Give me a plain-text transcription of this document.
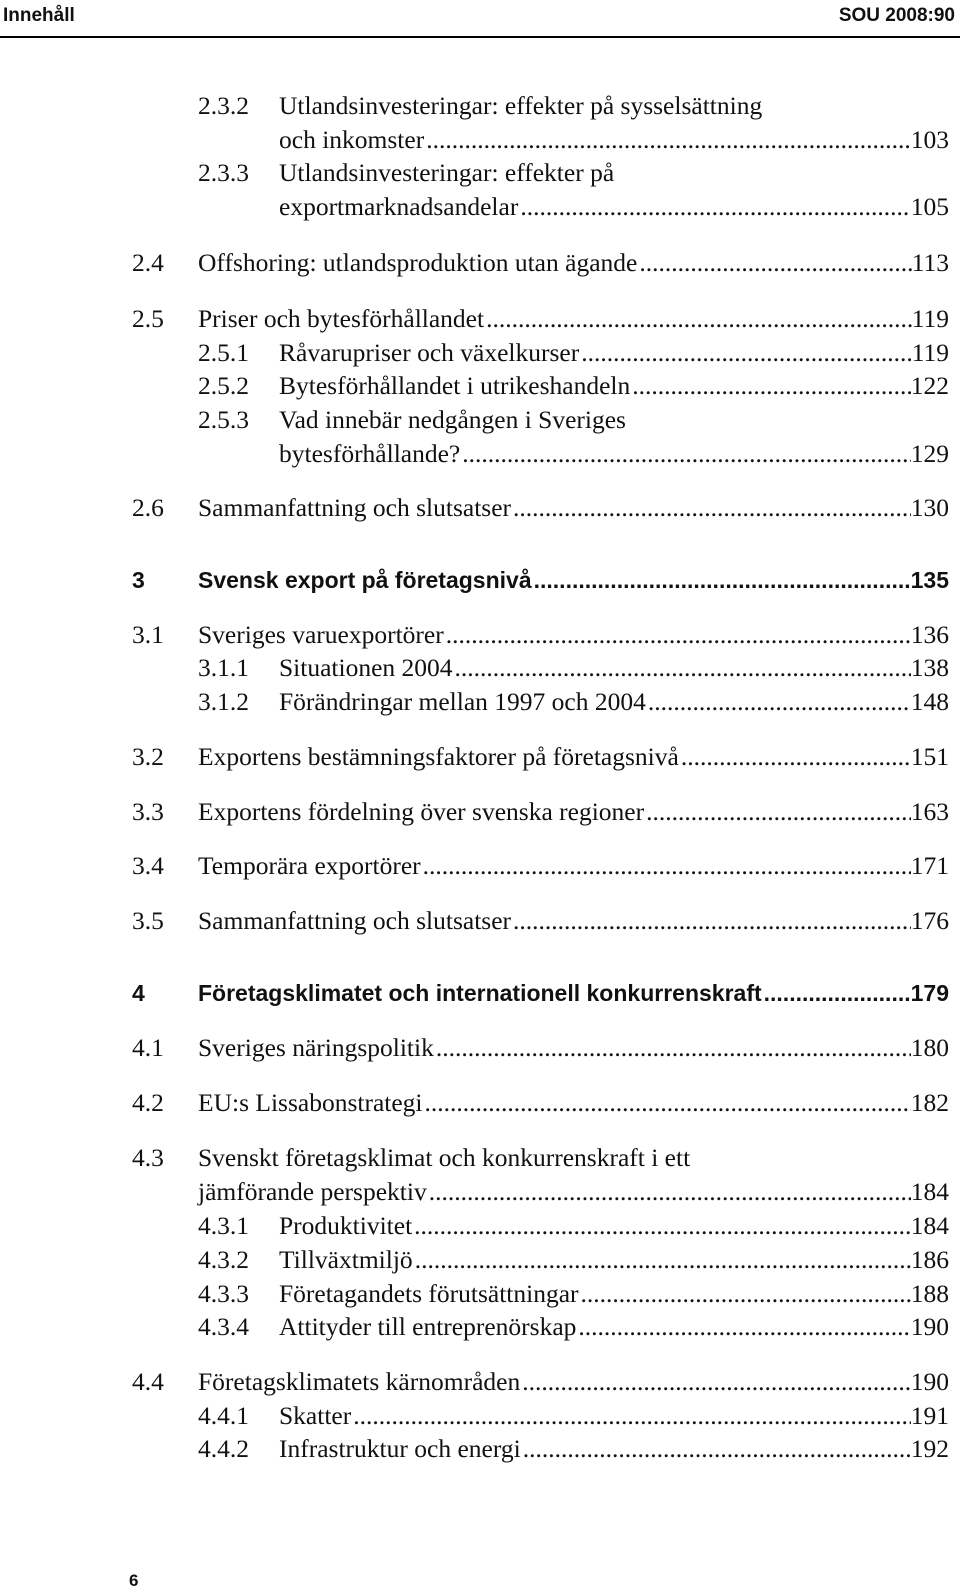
Innehåll	SOU 2008:90
2.3.2	Utlandsinvesteringar: effekter på sysselsättning
och inkomster .....	103
2.3.3	Utlandsinvesteringar: effekter på
exportmarknadsandelar .....	105
2.4	Offshoring: utlandsproduktion utan ägande .....	113
2.5	Priser och bytesförhållandet .....	119
2.5.1	Råvarupriser och växelkurser .....	119
2.5.2	Bytesförhållandet i utrikeshandeln .....	122
2.5.3	Vad innebär nedgången i Sveriges
bytesförhållande? .....	129
2.6	Sammanfattning och slutsatser .....	130
3	Svensk export på företagsnivå .....	135
3.1	Sveriges varuexportörer .....	136
3.1.1	Situationen 2004 .....	138
3.1.2	Förändringar mellan 1997 och 2004 .....	148
3.2	Exportens bestämningsfaktorer på företagsnivå .....	151
3.3	Exportens fördelning över svenska regioner .....	163
3.4	Temporära exportörer .....	171
3.5	Sammanfattning och slutsatser .....	176
4	Företagsklimatet och internationell konkurrenskraft .....	179
4.1	Sveriges näringspolitik .....	180
4.2	EU:s Lissabonstrategi .....	182
4.3	Svenskt företagsklimat och konkurrenskraft i ett
jämförande perspektiv .....	184
4.3.1	Produktivitet .....	184
4.3.2	Tillväxtmiljö .....	186
4.3.3	Företagandets förutsättningar .....	188
4.3.4	Attityder till entreprenörskap .....	190
4.4	Företagsklimatets kärnområden .....	190
4.4.1	Skatter .....	191
4.4.2	Infrastruktur och energi .....	192
6
